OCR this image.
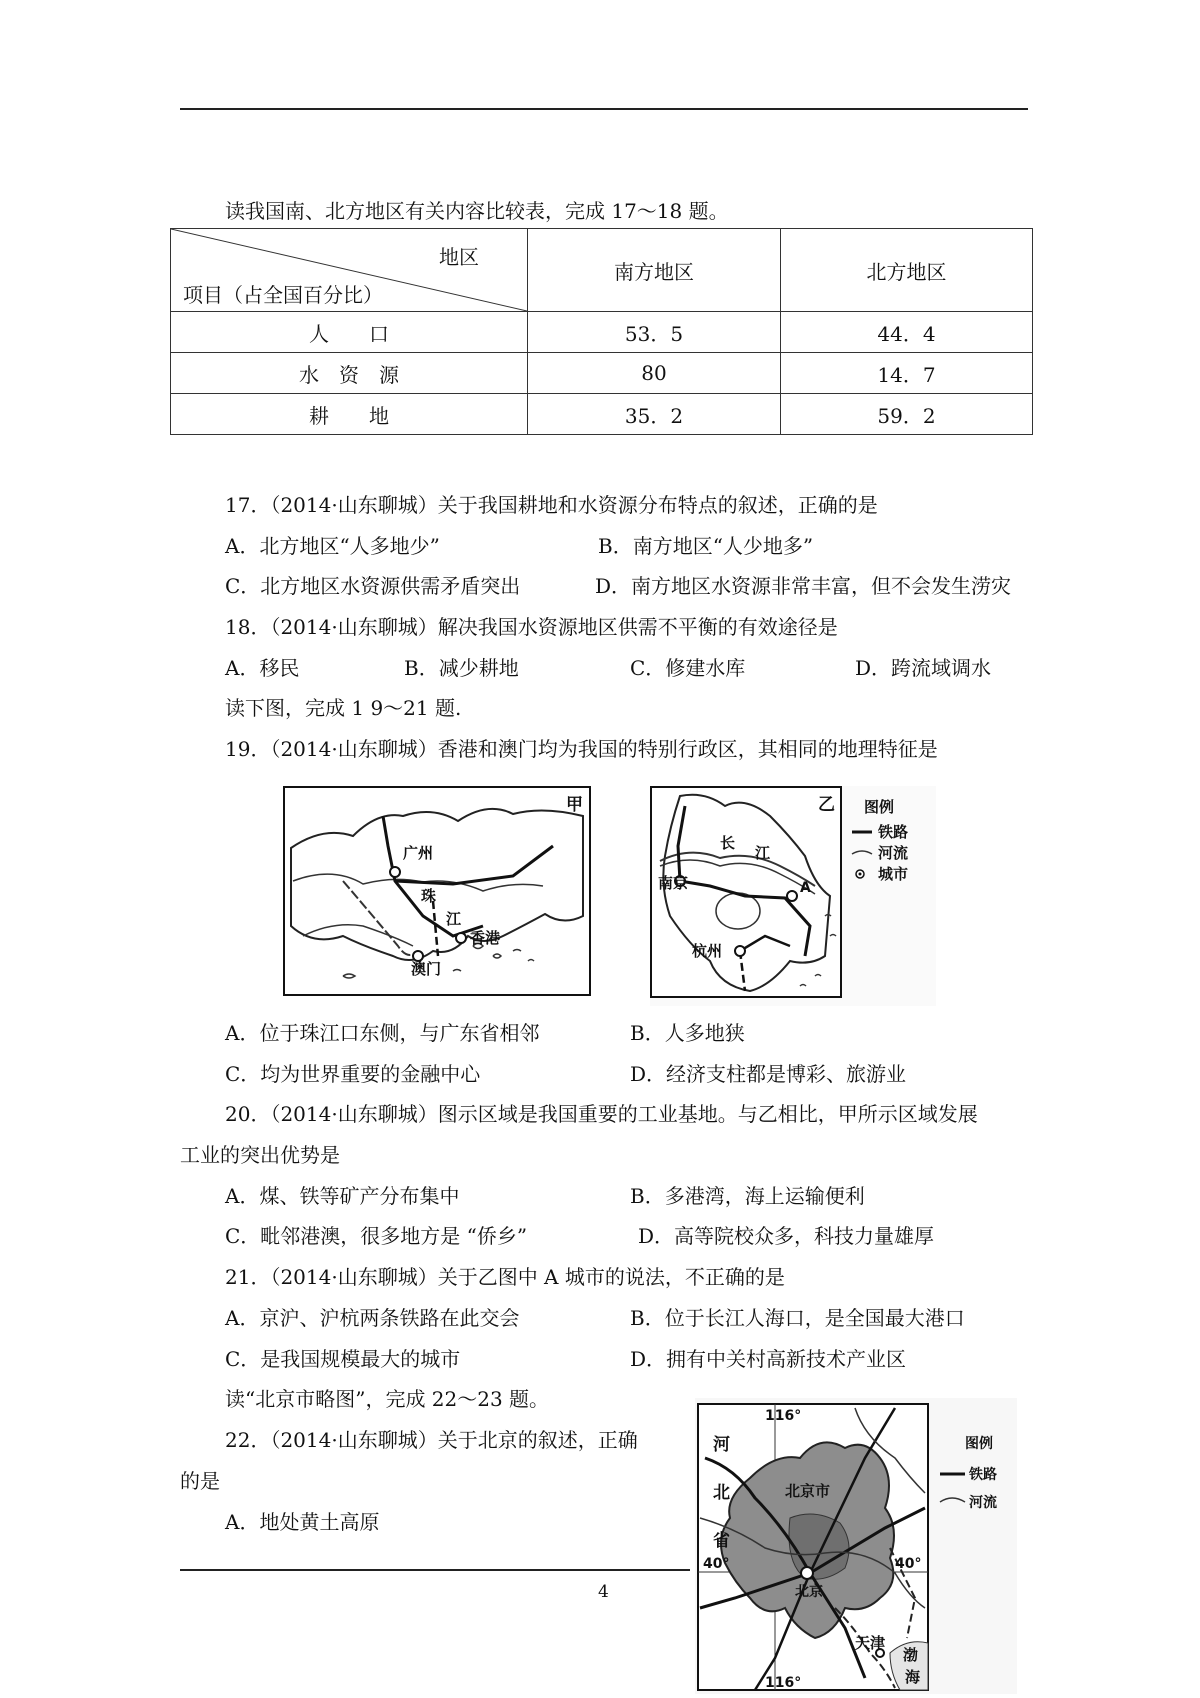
读我国南、北方地区有关内容比较表，完成 17～18 题。
地区
项目（占全国百分比）	南方地区	北方地区
人　　口	53．5	44．4
水　资　源	80	14．7
耕　　地	35．2	59．2
17．（2014·山东聊城）关于我国耕地和水资源分布特点的叙述，正确的是
A．北方地区“人多地少”	B．南方地区“人少地多”
C．北方地区水资源供需矛盾突出	D．南方地区水资源非常丰富，但不会发生涝灾
18．（2014·山东聊城）解决我国水资源地区供需不平衡的有效途径是
A．移民	B．减少耕地	C．修建水库	D．跨流域调水
读下图，完成 1 9～21 题.
19．（2014·山东聊城）香港和澳门均为我国的特别行政区，其相同的地理特征是
甲
广州
珠
江
香港
澳门
乙
长
江
南京	A
杭州
图例
铁路
河流
城市
A．位于珠江口东侧，与广东省相邻	B．人多地狭
C．均为世界重要的金融中心	D．经济支柱都是博彩、旅游业
20．（2014·山东聊城）图示区域是我国重要的工业基地。与乙相比，甲所示区域发展
工业的突出优势是
A．煤、铁等矿产分布集中	B．多港湾，海上运输便利
C．毗邻港澳，很多地方是 “侨乡”	D．高等院校众多，科技力量雄厚
21．（2014·山东聊城）关于乙图中 A 城市的说法，不正确的是
A．京沪、沪杭两条铁路在此交会	B．位于长江人海口，是全国最大港口
C．是我国规模最大的城市	D．拥有中关村高新技术产业区
读“北京市略图”，完成 22～23 题。
22．（2014·山东聊城）关于北京的叙述，正确
的是
A．地处黄土高原
4
116°
116°
40°	40°
河
北
省
北京市
北京
天津
渤
海
图例
铁路
河流
